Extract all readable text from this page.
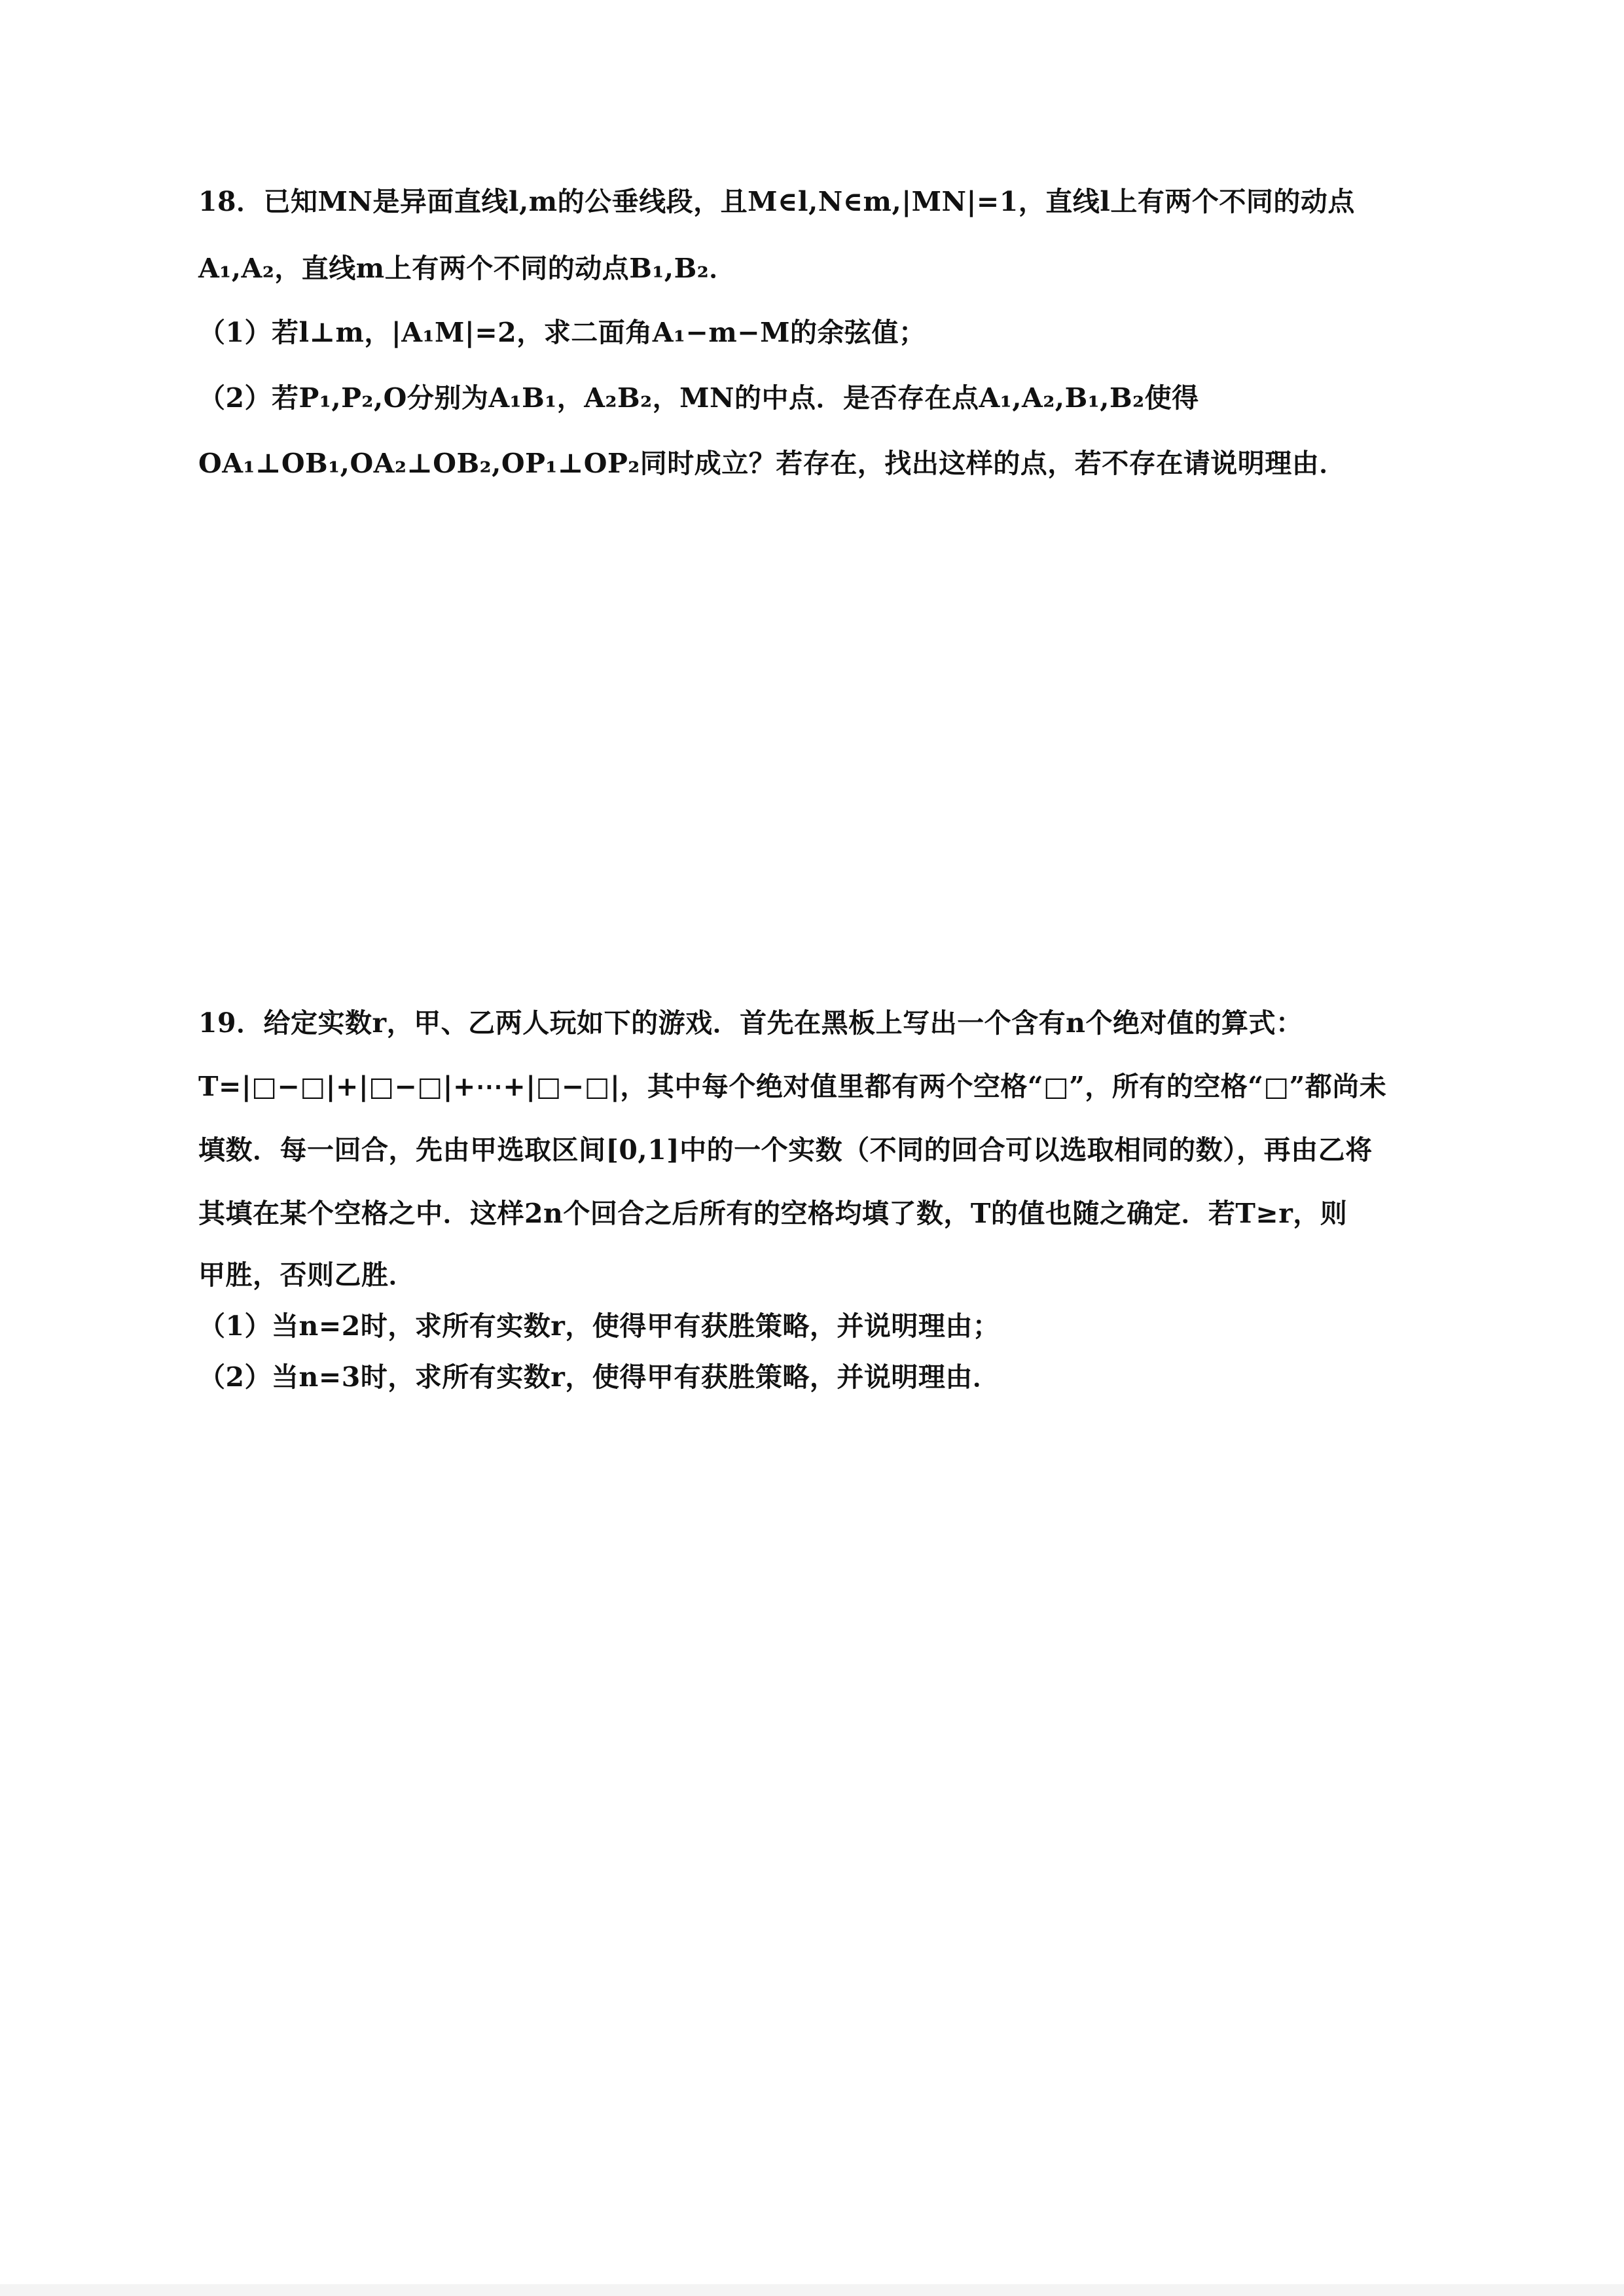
18．已知MN是异面直线l,m的公垂线段，且M∈l,N∈m,|MN|=1，直线l上有两个不同的动点
A₁,A₂，直线m上有两个不同的动点B₁,B₂．
（1）若l⊥m，|A₁M|=2，求二面角A₁−m−M的余弦值；
（2）若P₁,P₂,O分别为A₁B₁，A₂B₂，MN的中点．是否存在点A₁,A₂,B₁,B₂使得
OA₁⊥OB₁,OA₂⊥OB₂,OP₁⊥OP₂同时成立？若存在，找出这样的点，若不存在请说明理由．
19．给定实数r，甲、乙两人玩如下的游戏．首先在黑板上写出一个含有n个绝对值的算式：
T=|□−□|+|□−□|+⋯+|□−□|，其中每个绝对值里都有两个空格“□”，所有的空格“□”都尚未
填数．每一回合，先由甲选取区间[0,1]中的一个实数（不同的回合可以选取相同的数），再由乙将
其填在某个空格之中．这样2n个回合之后所有的空格均填了数，T的值也随之确定．若T≥r，则
甲胜，否则乙胜．
（1）当n=2时，求所有实数r，使得甲有获胜策略，并说明理由；
（2）当n=3时，求所有实数r，使得甲有获胜策略，并说明理由．
